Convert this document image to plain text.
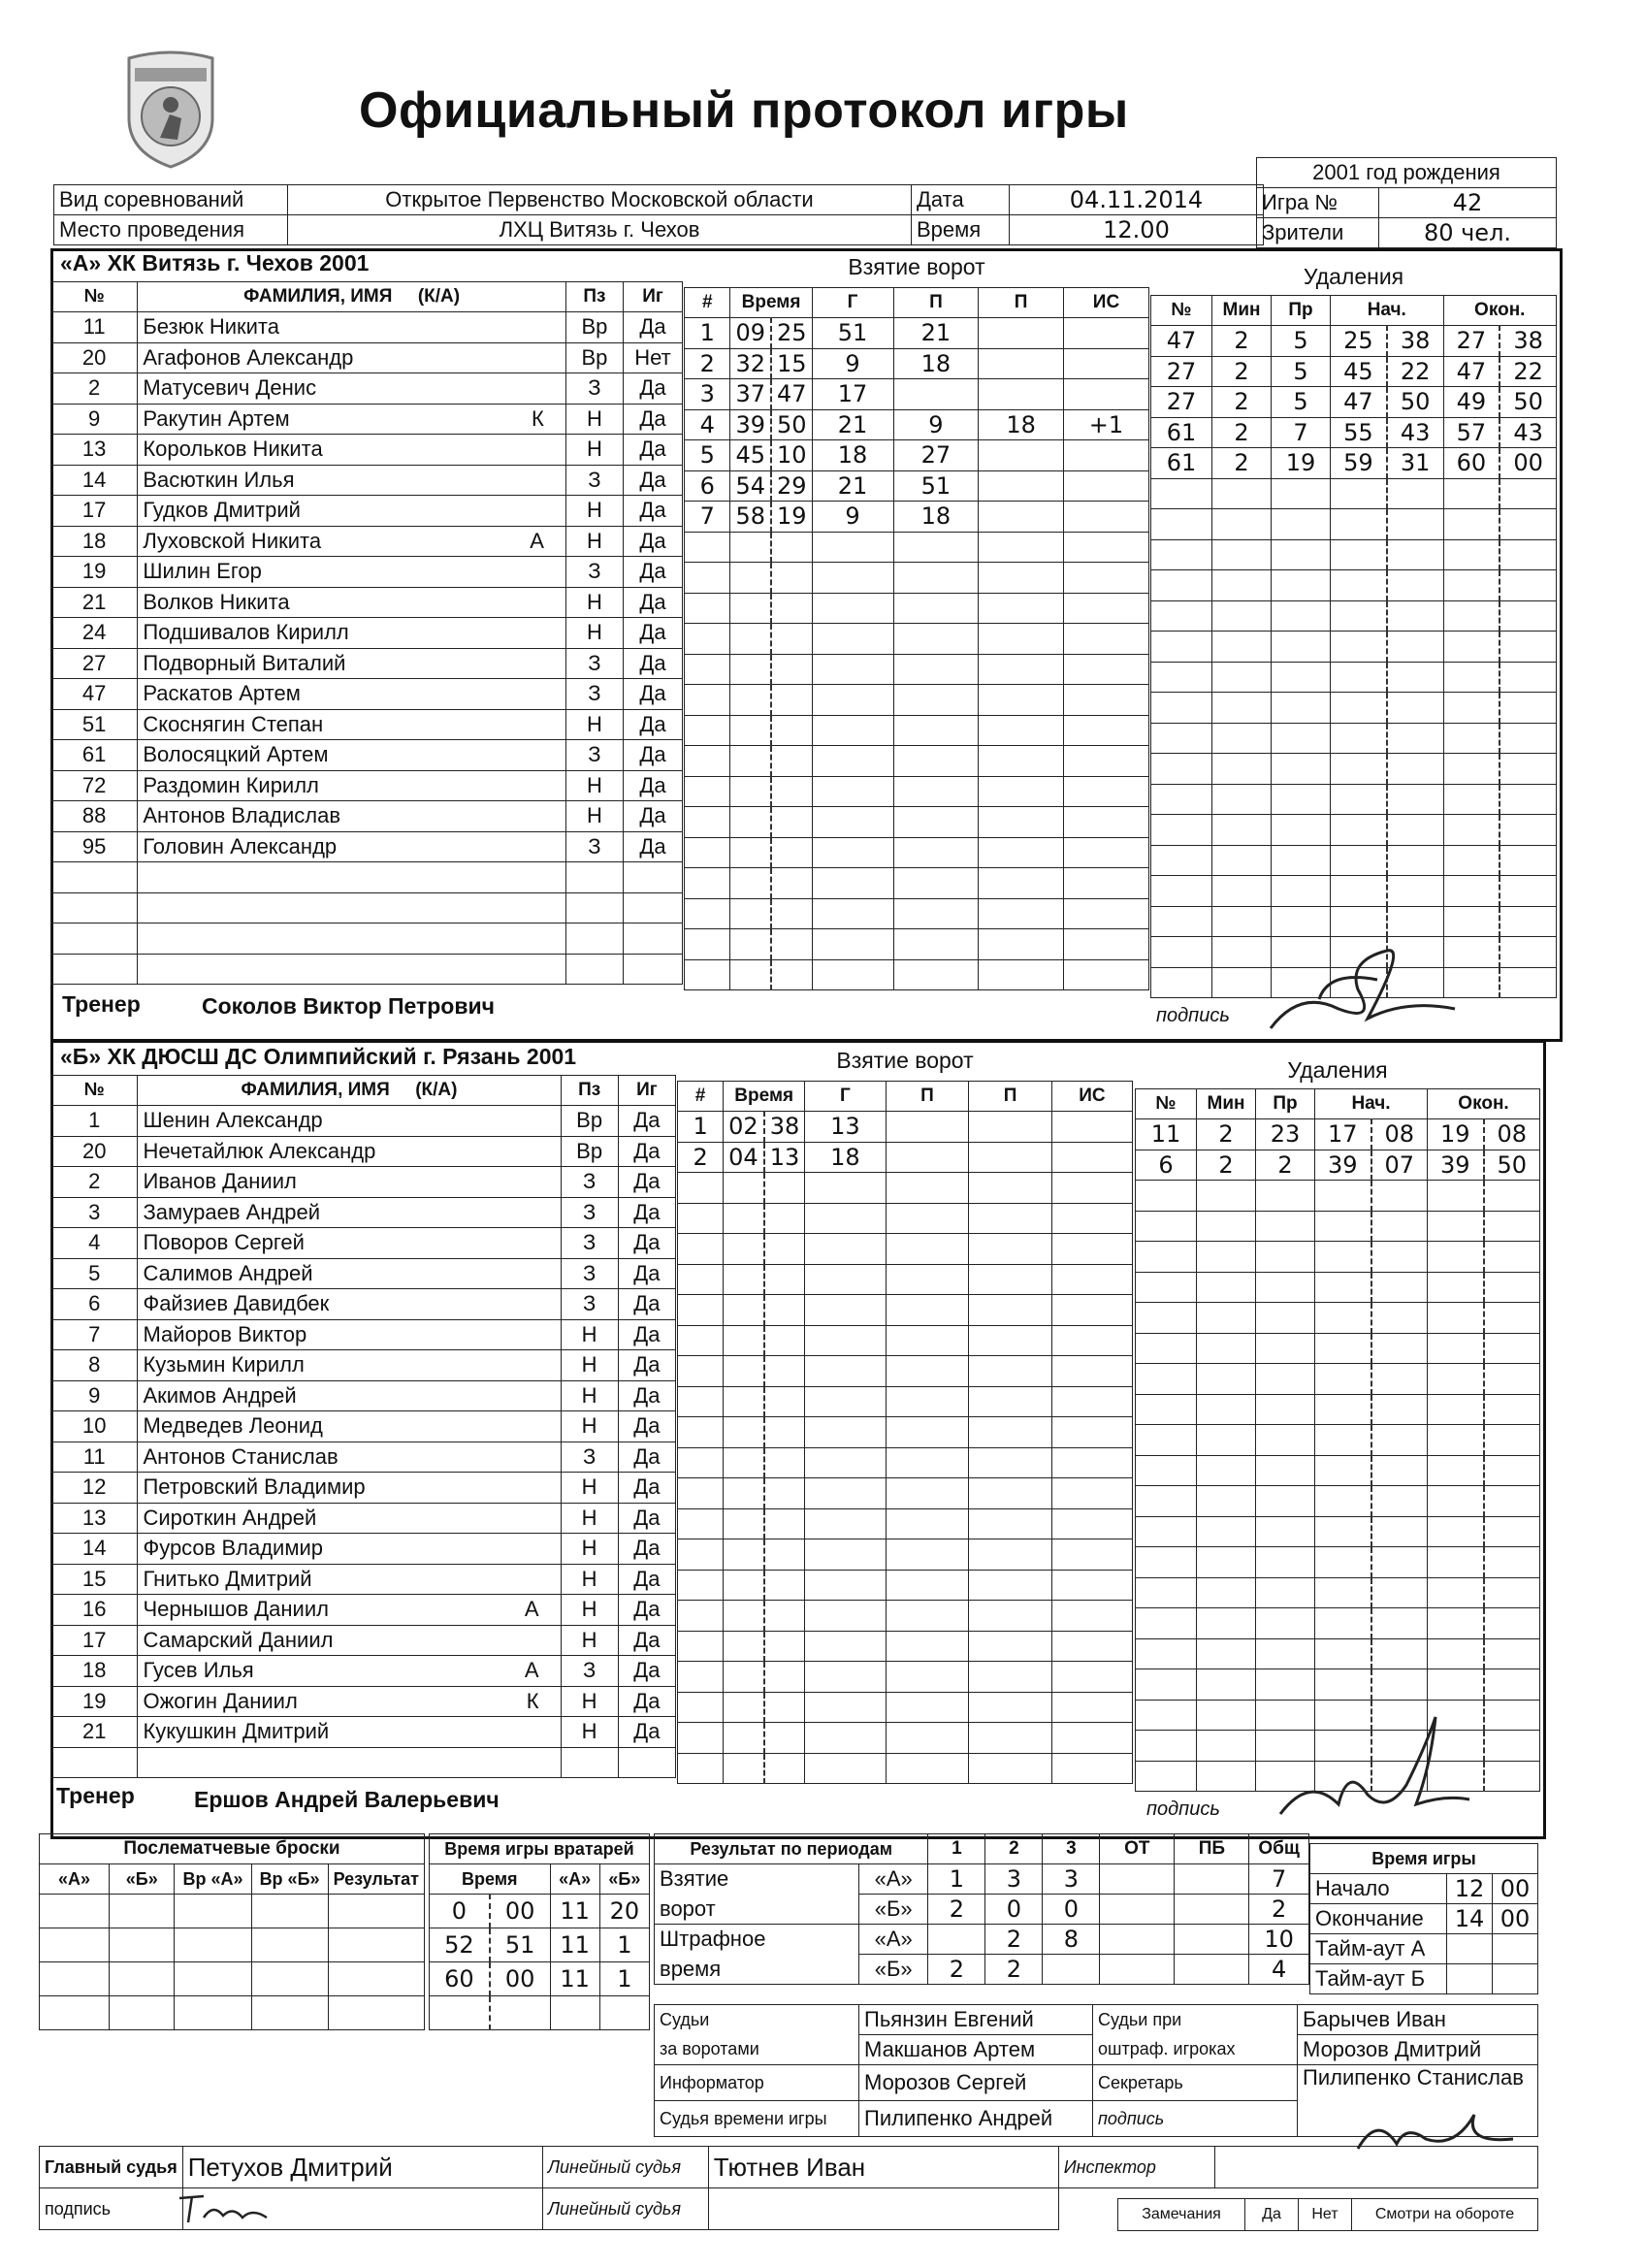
Официальный протокол игры
Вид соревнований	Открытое Первенство Московской области	Дата	04.11.2014
Место проведения	ЛХЦ Витязь г. Чехов	Время	12.00
2001 год рождения	
Игра №	42
Зрители	80 чел.
«А» ХК Витязь г. Чехов 2001
№	ФАМИЛИЯ, ИМЯ (К/А)	Пз	Иг
11	Безюк Никита	Вр	Да
20	Агафонов Александр	Вр	Нет
2	Матусевич Денис	З	Да
9	Ракутин Артем К	Н	Да
13	Корольков Никита	Н	Да
14	Васюткин Илья	З	Да
17	Гудков Дмитрий	Н	Да
18	Луховской Никита А	Н	Да
19	Шилин Егор	З	Да
21	Волков Никита	Н	Да
24	Подшивалов Кирилл	Н	Да
27	Подворный Виталий	З	Да
47	Раскатов Артем	З	Да
51	Скоснягин Степан	Н	Да
61	Волосяцкий Артем	З	Да
72	Раздомин Кирилл	Н	Да
88	Антонов Владислав	Н	Да
95	Головин Александр	З	Да

Тренер	Соколов Виктор Петрович
Взятие ворот
#	Время		Г	П	П	ИС
1	09	25	51	21		
2	32	15	9	18		
3	37	47	17			
4	39	50	21	9	18	+1
5	45	10	18	27		
6	54	29	21	51		
7	58	19	9	18		

Удаления
№	Мин	Пр	Нач.		Окон.	
47	2	5	25	38	27	38
27	2	5	45	22	47	22
27	2	5	47	50	49	50
61	2	7	55	43	57	43
61	2	19	59	31	60	00

подпись
«Б» ХК ДЮСШ ДС Олимпийский г. Рязань 2001
№	ФАМИЛИЯ, ИМЯ (К/А)	Пз	Иг
1	Шенин Александр	Вр	Да
20	Нечетайлюк Александр	Вр	Да
2	Иванов Даниил	З	Да
3	Замураев Андрей	З	Да
4	Поворов Сергей	З	Да
5	Салимов Андрей	З	Да
6	Файзиев Давидбек	З	Да
7	Майоров Виктор	Н	Да
8	Кузьмин Кирилл	Н	Да
9	Акимов Андрей	Н	Да
10	Медведев Леонид	Н	Да
11	Антонов Станислав	З	Да
12	Петровский Владимир	Н	Да
13	Сироткин Андрей	Н	Да
14	Фурсов Владимир	Н	Да
15	Гнитько Дмитрий	Н	Да
16	Чернышов Даниил А	Н	Да
17	Самарский Даниил	Н	Да
18	Гусев Илья А	З	Да
19	Ожогин Даниил К	Н	Да
21	Кукушкин Дмитрий	Н	Да

Тренер	Ершов Андрей Валерьевич
Взятие ворот
#	Время		Г	П	П	ИС
1	02	38	13			
2	04	13	18			

Удаления
№	Мин	Пр	Нач.		Окон.	
11	2	23	17	08	19	08
6	2	2	39	07	39	50

подпись
Послематчевые броски				
«А»	«Б»	Вр «А»	Вр «Б»	Результат

Время игры вратарей			
Время		«А»	«Б»
0	00	11	20
52	51	11	1
60	00	11	1

Результат по периодам		1	2	3	ОТ	ПБ	Общ
Взятие	«А»	1	3	3			7
ворот	«Б»	2	0	0			2
Штрафное	«А»		2	8			10
время	«Б»	2	2				4
Время игры		
Начало	12	00
Окончание	14	00
Тайм-аут А		
Тайм-аут Б		
Судьи	Пьянзин Евгений	Судьи при	Барычев Иван
за воротами	Макшанов Артем	оштраф. игроках	Морозов Дмитрий
Информатор	Морозов Сергей	Секретарь	Пилипенко Станислав
Судья времени игры	Пилипенко Андрей	подпись	
Главный судья	Петухов Дмитрий	Линейный судья	Тютнев Иван	Инспектор	
подпись		Линейный судья				Замечания	Да	Нет	Смотри на обороте
